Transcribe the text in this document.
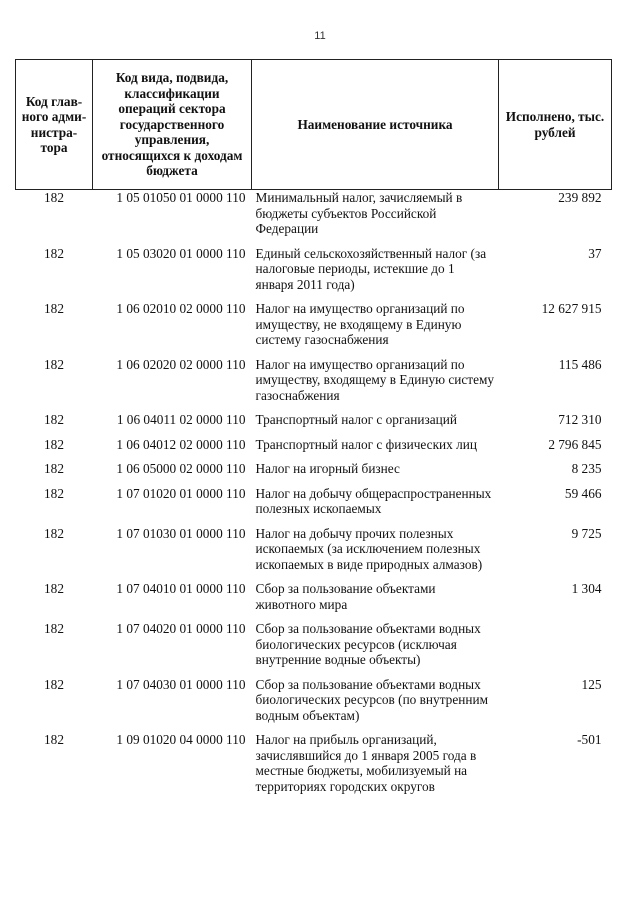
11
Код глав-ного адми-нистра-тора	Код вида, подвида, классификации операций сектора государственного управления, относящихся к доходам бюджета	Наименование источника	Исполнено, тыс. рублей
182	1 05 01050 01 0000 110	Минимальный налог, зачисляемый в бюджеты субъектов Российской Федерации	239 892
182	1 05 03020 01 0000 110	Единый сельскохозяйственный налог (за налоговые периоды, истекшие до 1 января 2011 года)	37
182	1 06 02010 02 0000 110	Налог на имущество организаций по имуществу, не входящему в Единую систему газоснабжения	12 627 915
182	1 06 02020 02 0000 110	Налог на имущество организаций по имуществу, входящему в Единую систему газоснабжения	115 486
182	1 06 04011 02 0000 110	Транспортный налог с организаций	712 310
182	1 06 04012 02 0000 110	Транспортный налог с физических лиц	2 796 845
182	1 06 05000 02 0000 110	Налог на игорный бизнес	8 235
182	1 07 01020 01 0000 110	Налог на добычу общераспространенных полезных ископаемых	59 466
182	1 07 01030 01 0000 110	Налог на добычу прочих полезных ископаемых (за исключением полезных ископаемых в виде природных алмазов)	9 725
182	1 07 04010 01 0000 110	Сбор за пользование объектами животного мира	1 304
182	1 07 04020 01 0000 110	Сбор за пользование объектами водных биологических ресурсов (исключая внутренние водные объекты)	
182	1 07 04030 01 0000 110	Сбор за пользование объектами водных биологических ресурсов (по внутренним водным объектам)	125
182	1 09 01020 04 0000 110	Налог на прибыль организаций, зачислявшийся до 1 января 2005 года в местные бюджеты, мобилизуемый на территориях городских округов	-501
